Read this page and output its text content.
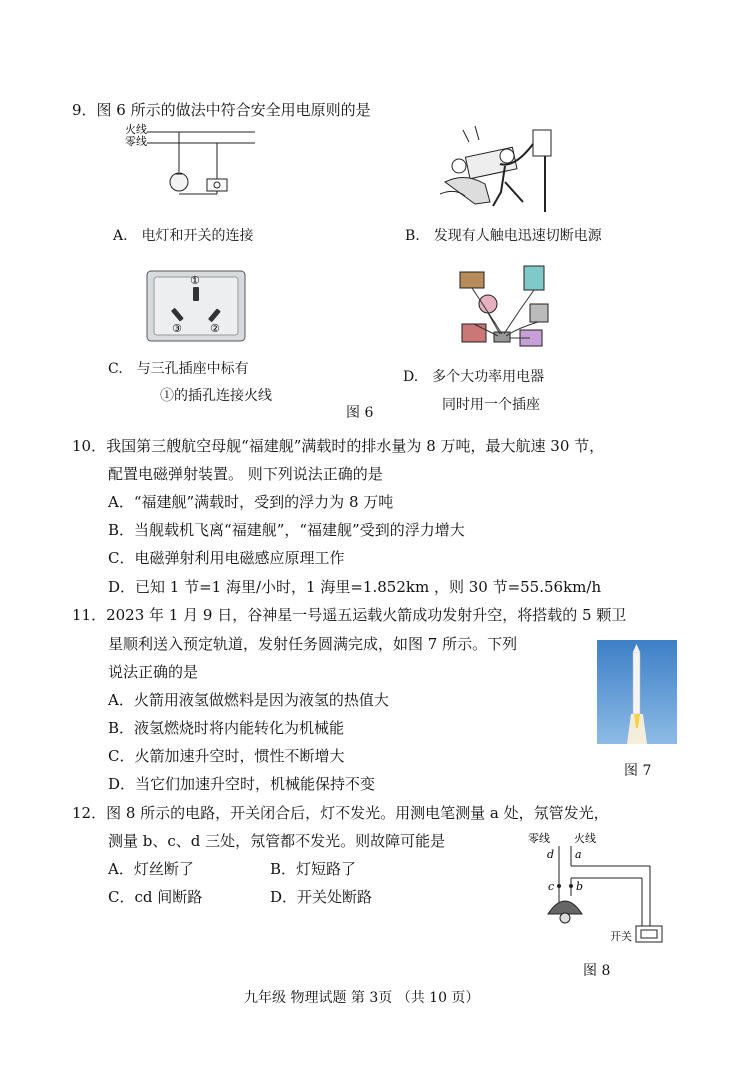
9．图 6 所示的做法中符合安全用电原则的是
火线
零线
A.　电灯和开关的连接	B.　发现有人触电迅速切断电源
①
③	②
C.　与三孔插座中标有
①的插孔连接火线
D.　多个大功率用电器
同时用一个插座
图 6
10．我国第三艘航空母舰“福建舰”满载时的排水量为 8 万吨，最大航速 30 节，
配置电磁弹射装置。 则下列说法正确的是
A．“福建舰”满载时，受到的浮力为 8 万吨
B．当舰载机飞离“福建舰”，“福建舰”受到的浮力增大
C．电磁弹射利用电磁感应原理工作
D．已知 1 节=1 海里/小时，1 海里=1.852km ，则 30 节=55.56km/h
11．2023 年 1 月 9 日，谷神星一号遥五运载火箭成功发射升空，将搭载的 5 颗卫
星顺利送入预定轨道，发射任务圆满完成，如图 7 所示。下列
说法正确的是
A．火箭用液氢做燃料是因为液氢的热值大
B．液氢燃烧时将内能转化为机械能
C．火箭加速升空时，惯性不断增大
D．当它们加速升空时，机械能保持不变
图 7
12．图 8 所示的电路，开关闭合后，灯不发光。用测电笔测量 a 处，氖管发光，
测量 b、c、d 三处，氖管都不发光。则故障可能是
A．灯丝断了	B．灯短路了
C．cd 间断路	D．开关处断路
零线 火线
d a
c b
开关
图 8
九年级 物理试题 第 3页 （共 10 页）
